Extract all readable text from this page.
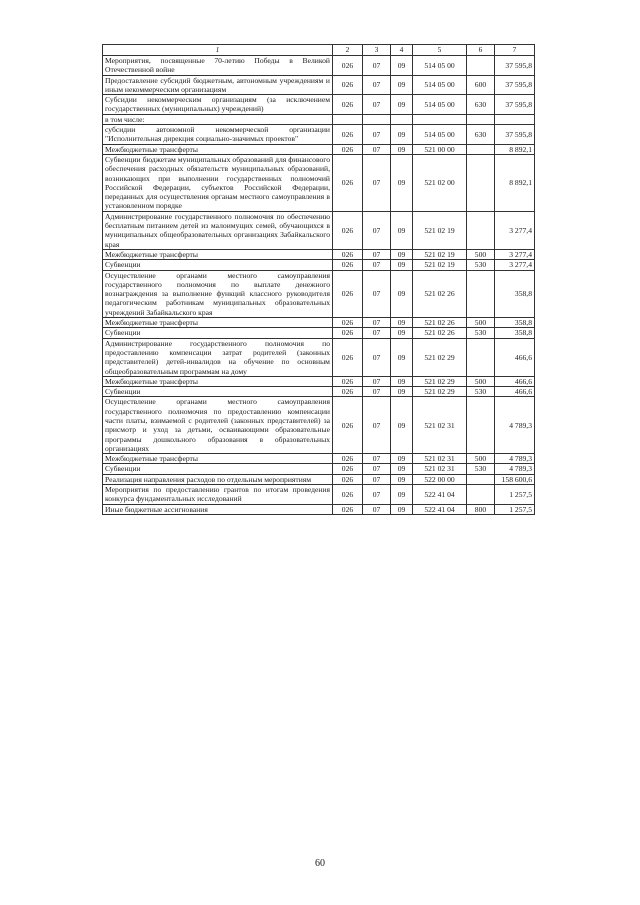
1	2	3	4	5	6	7
Мероприятия, посвященные 70-летию Победы в Великой Отечественной войне	026	07	09	514 05 00		37 595,8
Предоставление субсидий бюджетным, автономным учреждениям и иным некоммерческим организациям	026	07	09	514 05 00	600	37 595,8
Субсидии некоммерческим организациям (за исключением государственных (муниципальных) учреждений)	026	07	09	514 05 00	630	37 595,8
в том числе:						
субсидии автономной некоммерческой организации "Исполнительная дирекция социально-значимых проектов"	026	07	09	514 05 00	630	37 595,8
Межбюджетные трансферты	026	07	09	521 00 00		8 892,1
Субвенции бюджетам муниципальных образований для финансового обеспечения расходных обязательств муниципальных образований, возникающих при выполнении государственных полномочий Российской Федерации, субъектов Российской Федерации, переданных для осуществления органам местного самоуправления в установленном порядке	026	07	09	521 02 00		8 892,1
Администрирование государственного полномочия по обеспечению бесплатным питанием детей из малоимущих семей, обучающихся в муниципальных общеобразовательных организациях Забайкальского края	026	07	09	521 02 19		3 277,4
Межбюджетные трансферты	026	07	09	521 02 19	500	3 277,4
Субвенции	026	07	09	521 02 19	530	3 277,4
Осуществление органами местного самоуправления государственного полномочия по выплате денежного вознаграждения за выполнение функций классного руководителя педагогическим работникам муниципальных образовательных учреждений Забайкальского края	026	07	09	521 02 26		358,8
Межбюджетные трансферты	026	07	09	521 02 26	500	358,8
Субвенции	026	07	09	521 02 26	530	358,8
Администрирование государственного полномочия по предоставлению компенсации затрат родителей (законных представителей) детей-инвалидов на обучение по основным общеобразовательным программам на дому	026	07	09	521 02 29		466,6
Межбюджетные трансферты	026	07	09	521 02 29	500	466,6
Субвенции	026	07	09	521 02 29	530	466,6
Осуществление органами местного самоуправления государственного полномочия по предоставлению компенсации части платы, взимаемой с родителей (законных представителей) за присмотр и уход за детьми, осваивающими образовательные программы дошкольного образования в образовательных организациях	026	07	09	521 02 31		4 789,3
Межбюджетные трансферты	026	07	09	521 02 31	500	4 789,3
Субвенции	026	07	09	521 02 31	530	4 789,3
Реализация направления расходов по отдельным мероприятиям	026	07	09	522 00 00		158 600,6
Мероприятия по предоставлению грантов по итогам проведения конкурса фундаментальных исследований	026	07	09	522 41 04		1 257,5
Иные бюджетные ассигнования	026	07	09	522 41 04	800	1 257,5
60
